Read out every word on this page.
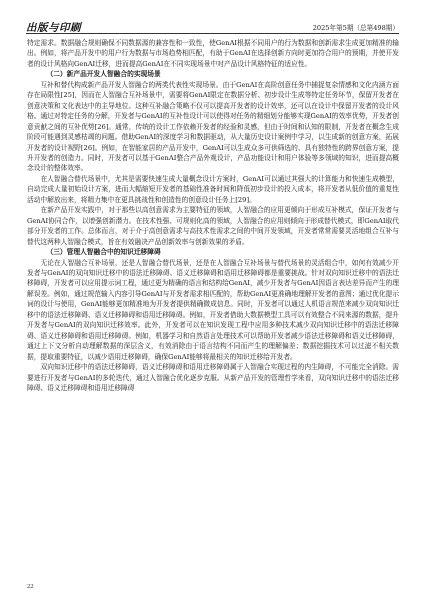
出版与印刷	2025年第5期（总第498期）

特定需求。数据融合规则确保不同数据源的兼容性和一致性，使GenAI根据不同用户的行为数据和创新需求生成更加精准的输出。例如，将产品开发中的用户行为数据与市场趋势相匹配，有助于GenAI在选择创新方向时更加符合用户的预期，并使开发者的设计风格向GenAI迁移，进而提高GenAI在不同实现场景中对产品设计风格特征的适应性。

（二）新产品开发人智融合的实现场景

互补和替代构成新产品开发人智融合的两类代表性实现场景。由于GenAI在高阶创意任务中捕捉复杂情感和文化内涵方面存在局限性[25]，因而在人智融合互补场景中，需要将GenAI限定在数据分析、初步设计生成等特定任务环节，保留开发者在创意决策和文化表达中的主导地位。这种互补融合策略不仅可以提高开发者的设计效率，还可以在设计中保留开发者的设计风格。通过对特定任务的分解，开发者与GenAI的互补性设计可以使得对任务的精细划分能够实现GenAI的效率优势，开发者创意贡献之间的互补优势[26]。通常，传统的设计工作依赖开发者的经验和灵感，但由于时间和认知的限制，开发者在概念生成阶段可能遇到灵感枯竭的问题。借助GenAI的深度学习和数据驱动，从大量历史设计案例中学习，以生成新的创意方案，拓展开发者的设计视野[26]。例如，在智能家居的产品开发中，GenAI可以生成众多可供筛选的、具有独特性的跨界创意方案，提升开发者的创造力。同时，开发者可以基于GenAI整合产品外观设计，产品功能设计和用户体验等多领域的知识，进而提高概念设计的整体效率。

在人智融合替代场景中，尤其是需要快速生成大量概念设计方案时，GenAI可以通过其强大的计算能力和快速生成模型，自动完成大量初始设计方案，进而大幅缩短开发者的基础性准备时间和降低初步设计的投入成本，将开发者从低价值的重复性活动中解放出来，将精力集中在更具挑战性和创造性的创意设计任务上[29]。

在新产品开发实践中，对于那些以高创意需求为主要特征的领域，人智融合的应用更倾向于形成互补模式，保证开发者与GenAI协同合作，以增强创新潜力。在技术性强、可规则化高的领域，人智融合的应用则倾向于形成替代模式，即GenAI取代部分开发者的工作。总体而言，对于介于高创意需求与高技术性需求之间的中间开发领域，开发者常常需要灵活地组合互补与替代这两种人智融合模式，旨在有效融决产品创新效率与创新效果的矛盾。

（三）管理人智融合中的知识迁移障碍

无论在人智融合互补场景，还是人智融合替代场景，还是在人智融合互补场景与替代场景的灵活组合中，如何有效减少开发者与GenAI的双向知识迁移中的语法迁移障碍、语义迁移障碍和语用迁移障碍都是重要挑战。针对双向知识迁移中的语法迁移障碍，开发者可以应用提示词工程，通过更为精确的语言和结构给GenAI，减少开发者与GenAI因语言表达差异而产生的理解误差。例如，通过规范输入内容引导GenAI与开发者需求相匹配的，帮助GenAI更准确地理解开发者的意图；通过优化提示词的设计与使用，GenAI能够更加精准地为开发者提供精确微成信息。同时，开发者可以通过人机语言规范来减少双向知识迁移中的语法迁移障碍、语义迁移障碍和语用迁移障碍。例如，开发者借助大数据模型工具可以有效整合不同来源的数据，提升开发者与GenAI的双向知识迁移效率。此外，开发者可以在知识发现工程中应用多种技术减少双向知识迁移中的语法迁移障碍、语义迁移障碍和语用迁移障碍。例如，机器学习和自然语言处理技术可以帮助开发者减少语法迁移障碍和语义迁移障碍，通过上下文分析自动理解数据的深层含义，有效消除由于语言结构不同而产生的理解偏差；数据挖掘技术可以过滤不相关数据，提取重要特征，以减少语用迁移障碍，确保GenAI能够将最相关的知识迁移给开发者。

双向知识迁移中的语法迁移障碍，语义迁移障碍和语用迁移障碍属于人智融合实现过程的内生障碍，不可能完全消除。需要进行开发者与GenAI的多轮迭代，通过人智融合优化逐步克服。从新产品开发的管理哲学来看，双向知识迁移中的语法迁移障碍、语义迁移障碍和语用迁移障碍

22
